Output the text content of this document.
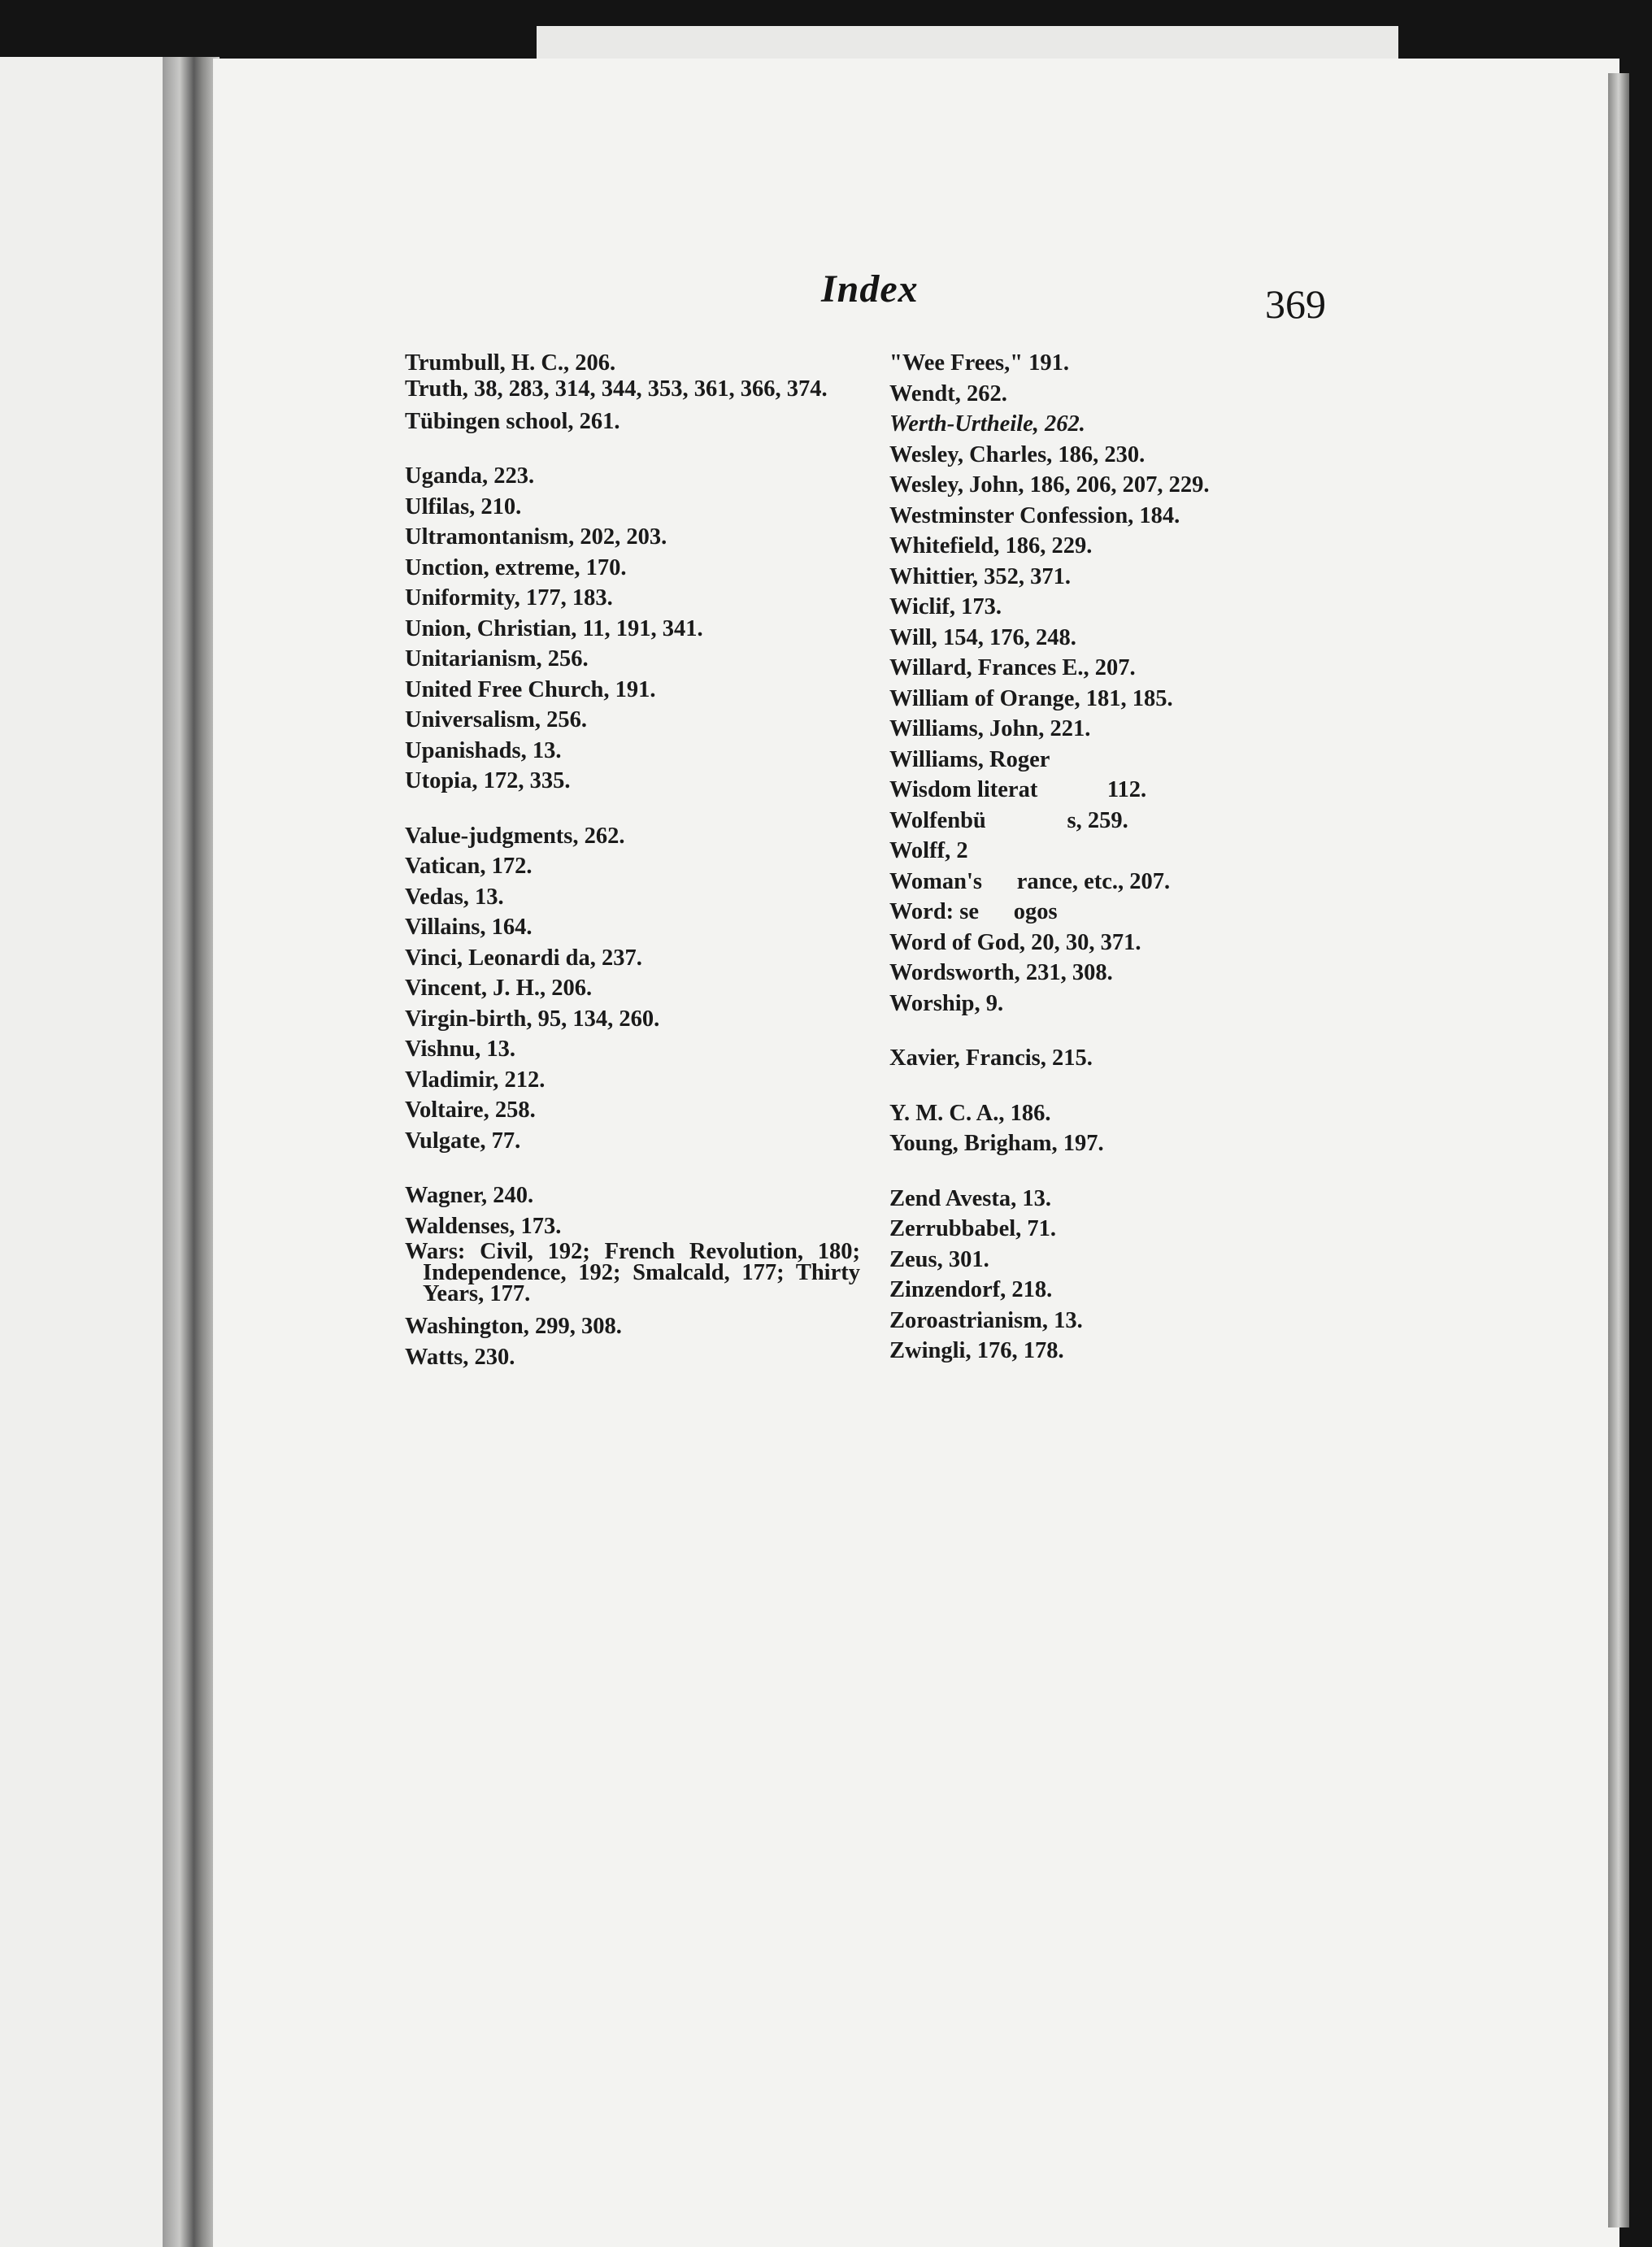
Index	369

Trumbull, H. C., 206.

Truth, 38, 283, 314, 344, 353, 361, 366, 374.

Tübingen school, 261.

Uganda, 223.

Ulfilas, 210.

Ultramontanism, 202, 203.

Unction, extreme, 170.

Uniformity, 177, 183.

Union, Christian, 11, 191, 341.

Unitarianism, 256.

United Free Church, 191.

Universalism, 256.

Upanishads, 13.

Utopia, 172, 335.

Value-judgments, 262.

Vatican, 172.

Vedas, 13.

Villains, 164.

Vinci, Leonardi da, 237.

Vincent, J. H., 206.

Virgin-birth, 95, 134, 260.

Vishnu, 13.

Vladimir, 212.

Voltaire, 258.

Vulgate, 77.

Wagner, 240.

Waldenses, 173.

Wars: Civil, 192; French Revolution, 180; Independence, 192; Smalcald, 177; Thirty Years, 177.

Washington, 299, 308.

Watts, 230.

"Wee Frees," 191.

Wendt, 262.

Werth-Urtheile, 262.

Wesley, Charles, 186, 230.

Wesley, John, 186, 206, 207, 229.

Westminster Confession, 184.

Whitefield, 186, 229.

Whittier, 352, 371.

Wiclif, 173.

Will, 154, 176, 248.

Willard, Frances E., 207.

William of Orange, 181, 185.

Williams, John, 221.

Williams, Roger

Wisdom literat            112.

Wolfenbü              s, 259.

Wolff, 2

Woman's      rance, etc., 207.

Word: se      ogos

Word of God, 20, 30, 371.

Wordsworth, 231, 308.

Worship, 9.

Xavier, Francis, 215.

Y. M. C. A., 186.

Young, Brigham, 197.

Zend Avesta, 13.

Zerrubbabel, 71.

Zeus, 301.

Zinzendorf, 218.

Zoroastrianism, 13.

Zwingli, 176, 178.
